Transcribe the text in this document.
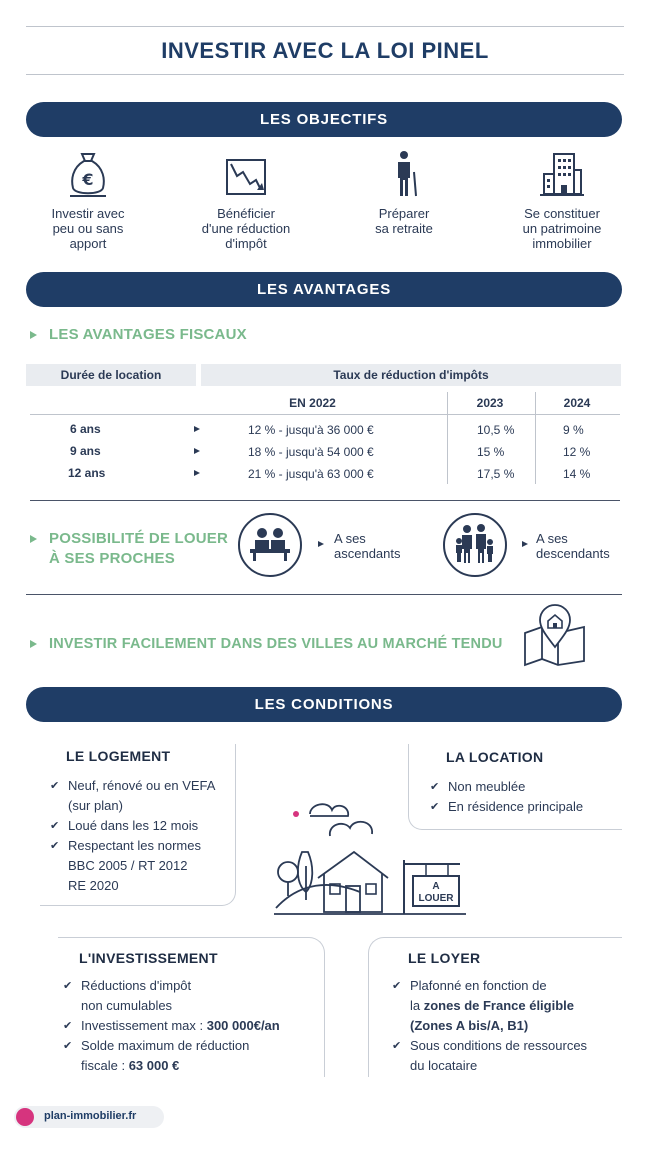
INVESTIR AVEC LA LOI PINEL
LES OBJECTIFS
€
Investir avec
peu ou sans
apport
Bénéficier
d'une réduction
d'impôt
Préparer
sa retraite
Se constituer
un patrimoine
immobilier
LES AVANTAGES
LES AVANTAGES FISCAUX
Durée de location	Taux de réduction d'impôts
EN 2022	2023	2024
6 ans	12 % - jusqu'à 36 000 €	10,5 %	9 %
9 ans	18 % - jusqu'à 54 000 €	15 %	12 %
12 ans	21 % - jusqu'à 63 000 €	17,5 %	14 %
POSSIBILITÉ DE LOUER
À SES PROCHES
A ses
ascendants
A ses
descendants
INVESTIR FACILEMENT DANS DES VILLES AU MARCHÉ TENDU
LES CONDITIONS
LE LOGEMENT
✔ Neuf, rénové ou en VEFA
(sur plan)
✔ Loué dans les 12 mois
✔ Respectant les normes
BBC 2005 / RT 2012
RE 2020
LA LOCATION
✔ Non meublée
✔ En résidence principale
A
LOUER
L'INVESTISSEMENT
✔ Réductions d'impôt
non cumulables
✔ Investissement max : 300 000€/an
✔ Solde maximum de réduction
fiscale : 63 000 €
LE LOYER
✔ Plafonné en fonction de
la zones de France éligible
(Zones A bis/A, B1)
✔ Sous conditions de ressources
du locataire
plan-immobilier.fr
